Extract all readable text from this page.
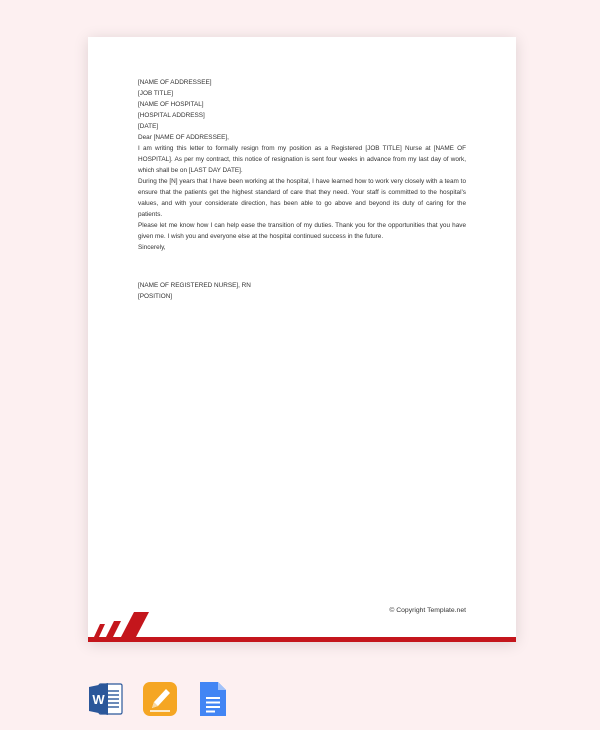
[NAME OF ADDRESSEE]
[JOB TITLE]
[NAME OF HOSPITAL]
[HOSPITAL ADDRESS]

[DATE]

Dear [NAME OF ADDRESSEE],

I am writing this letter to formally resign from my position as a Registered [JOB TITLE] Nurse at [NAME OF HOSPITAL]. As per my contract, this notice of resignation is sent four weeks in advance from my last day of work, which shall be on [LAST DAY DATE].

During the [N] years that I have been working at the hospital, I have learned how to work very closely with a team to ensure that the patients get the highest standard of care that they need. Your staff is committed to the hospital’s values, and with your considerate direction, has been able to go above and beyond its duty of caring for the patients.

Please let me know how I can help ease the transition of my duties. Thank you for the opportunities that you have given me. I wish you and everyone else at the hospital continued success in the future.

Sincerely,

[NAME OF REGISTERED NURSE], RN
[POSITION]
© Copyright Template.net
W
